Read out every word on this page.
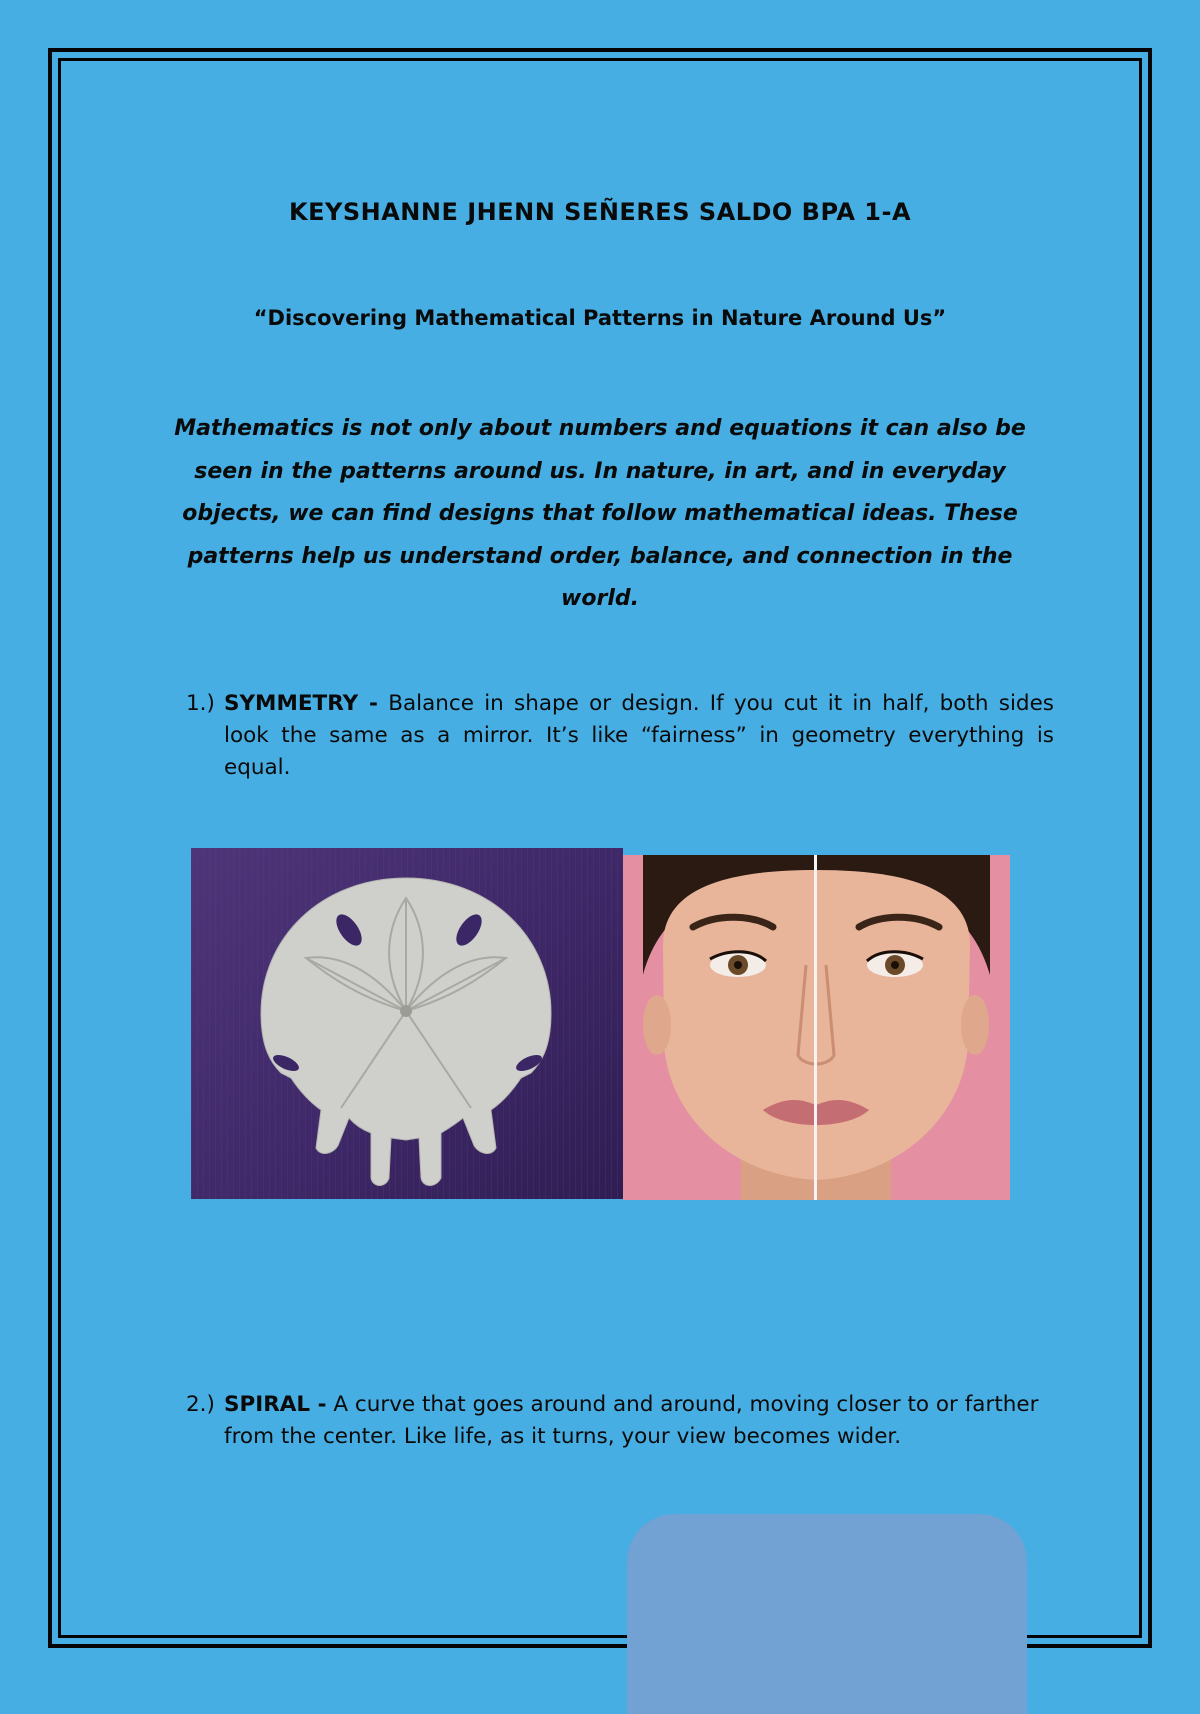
KEYSHANNE JHENN SEÑERES SALDO BPA 1-A
“Discovering Mathematical Patterns in Nature Around Us”
Mathematics is not only about numbers and equations it can also be seen in the patterns around us. In nature, in art, and in everyday objects, we can find designs that follow mathematical ideas. These patterns help us understand order, balance, and connection in the world.
1.) SYMMETRY - Balance in shape or design. If you cut it in half, both sides look the same as a mirror. It’s like “fairness” in geometry everything is equal.
2.) SPIRAL - A curve that goes around and around, moving closer to or farther from the center. Like life, as it turns, your view becomes wider.
